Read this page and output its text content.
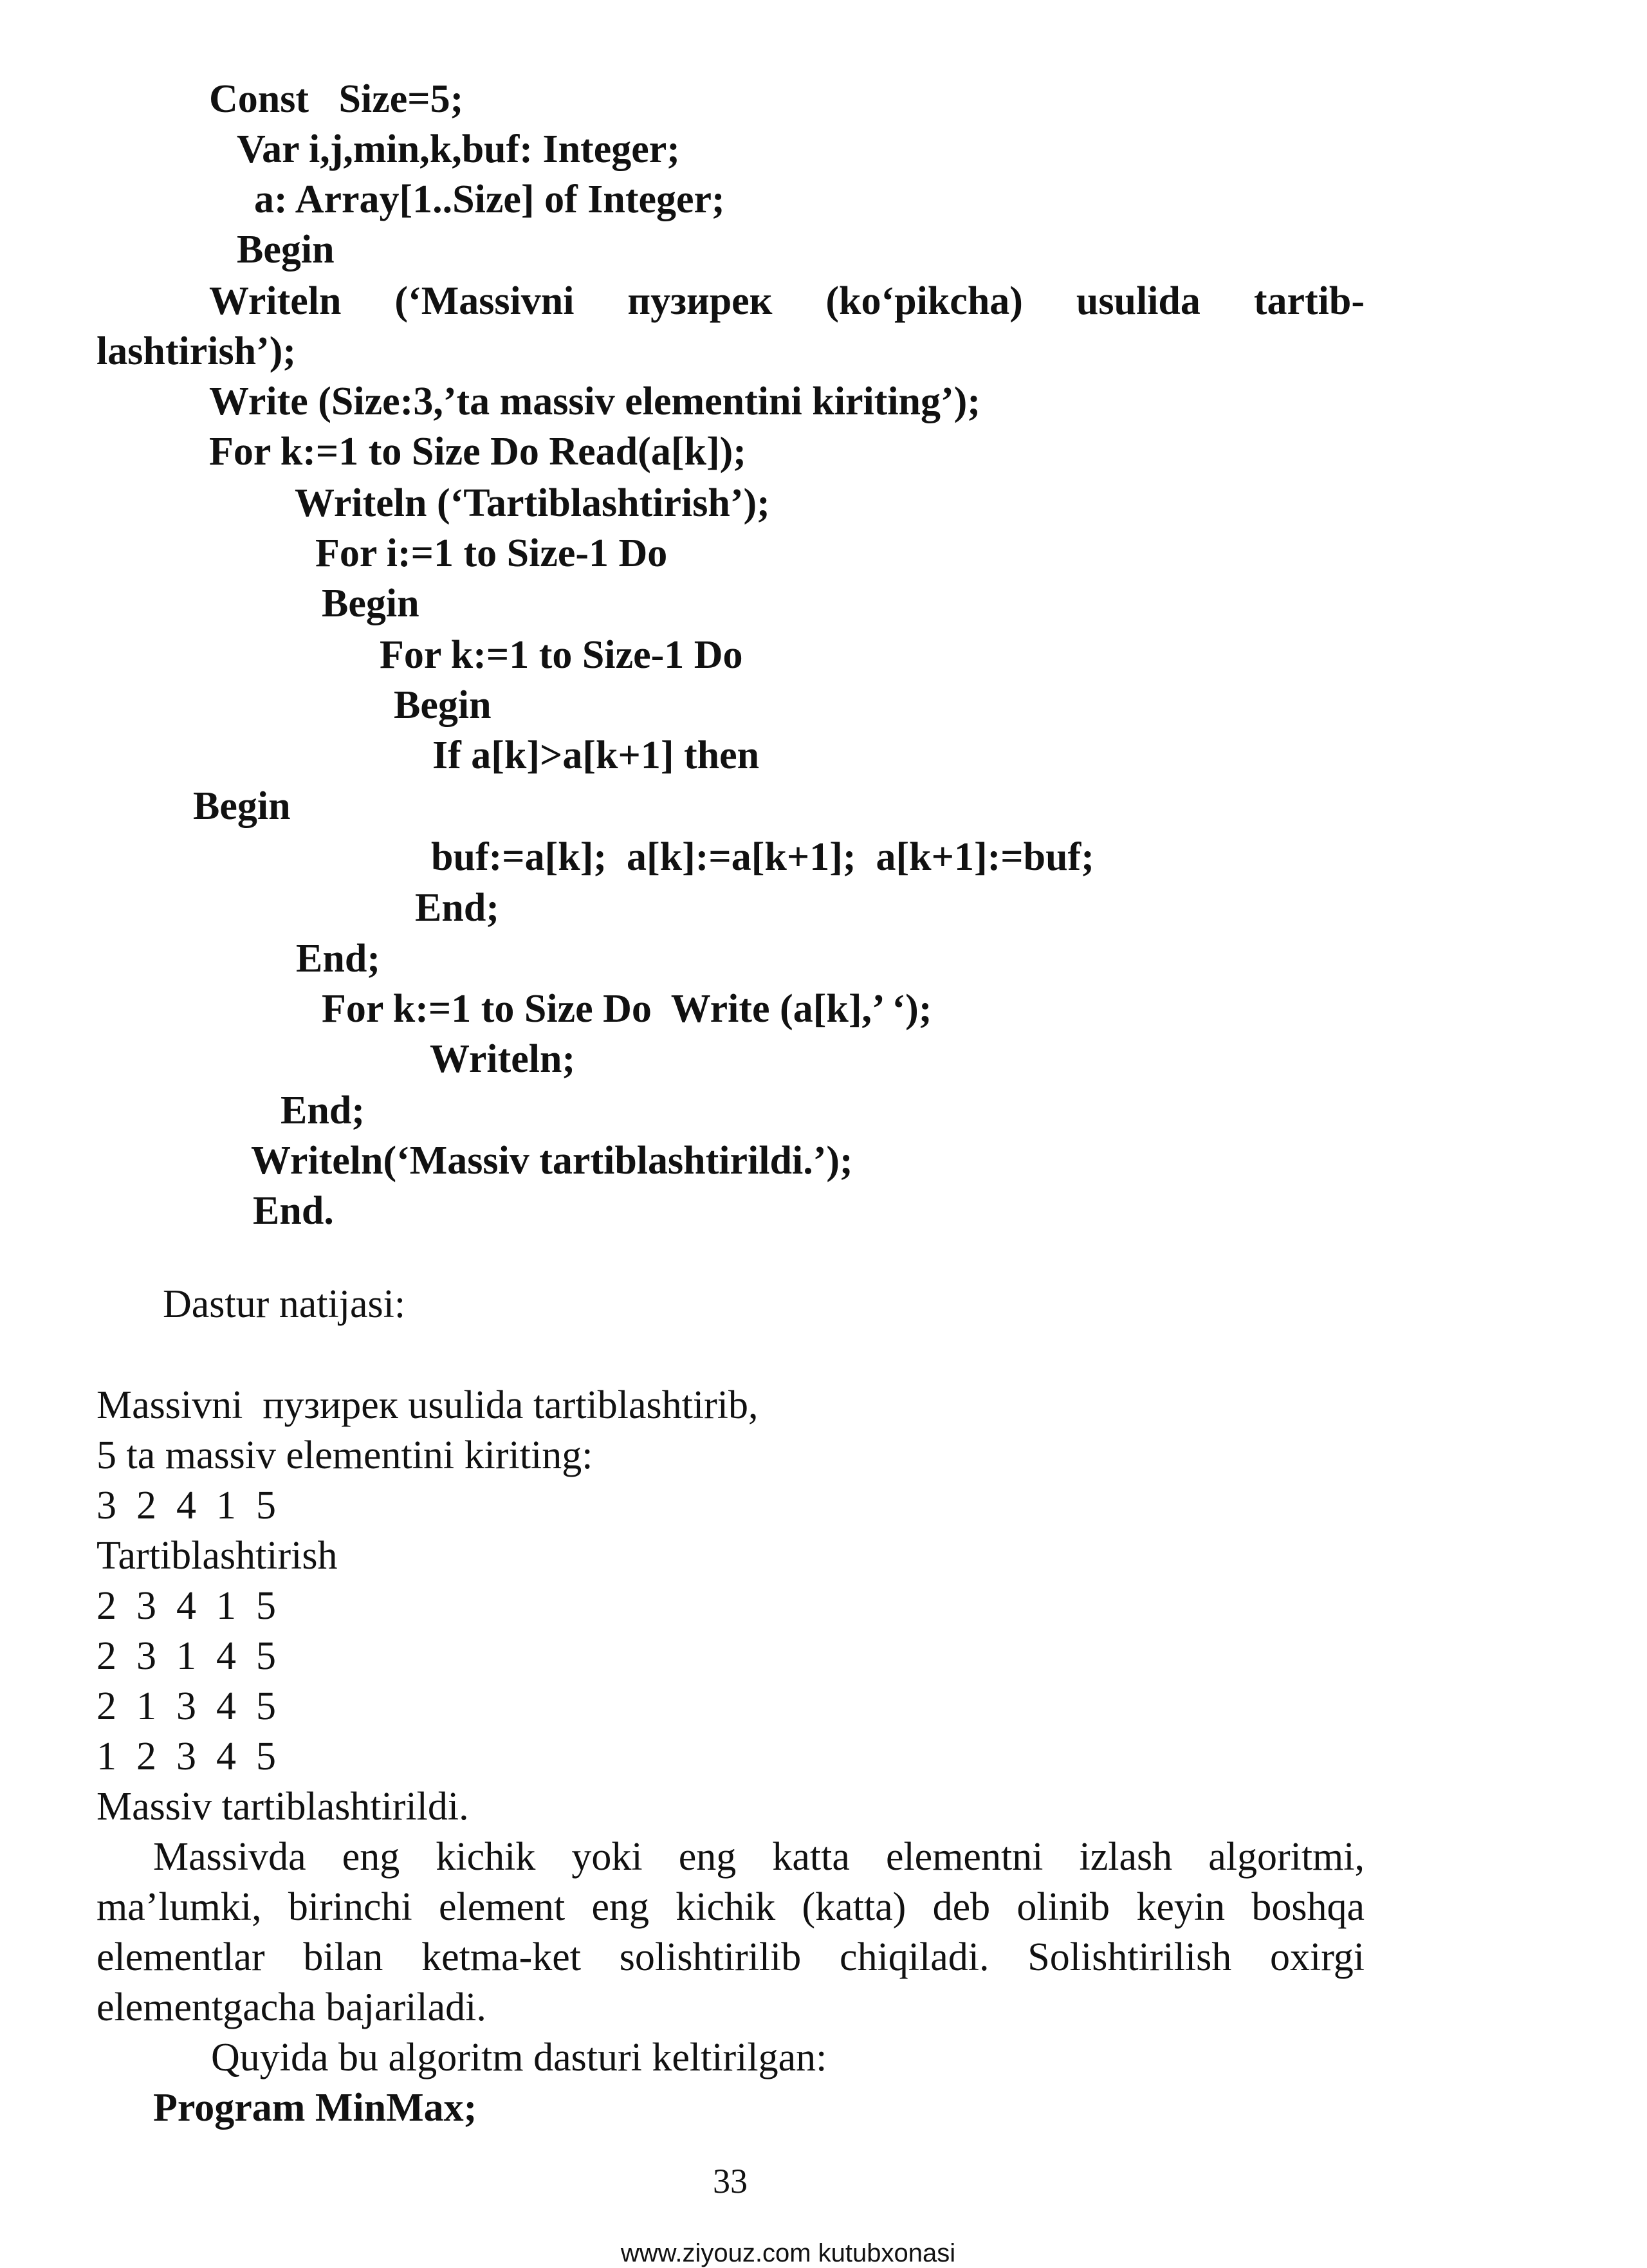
Const   Size=5;
Var i,j,min,k,buf: Integer;
a: Array[1..Size] of Integer;
Begin
Writeln (‘Massivni пузирек (ko‘pikcha) usulida tartib-
lashtirish’);
Write (Size:3,’ta massiv elementini kiriting’);
For k:=1 to Size Do Read(a[k]);
Writeln (‘Tartiblashtirish’);
For i:=1 to Size-1 Do
Begin
For k:=1 to Size-1 Do
Begin
If a[k]>a[k+1] then
Begin
buf:=a[k];  a[k]:=a[k+1];  a[k+1]:=buf;
End;
End;
For k:=1 to Size Do  Write (a[k],’ ‘);
Writeln;
End;
Writeln(‘Massiv tartiblashtirildi.’);
End.
Dastur natijasi:
Massivni  пузирек usulida tartiblashtirib,
5 ta massiv elementini kiriting:
3  2  4  1  5
Tartiblashtirish
2  3  4  1  5
2  3  1  4  5
2  1  3  4  5
1  2  3  4  5
Massiv tartiblashtirildi.
Massivda eng kichik yoki eng katta elementni izlash algoritmi,
ma’lumki, birinchi element eng kichik (katta) deb olinib keyin boshqa
elementlar bilan ketma-ket solishtirilib chiqiladi. Solishtirilish oxirgi
elementgacha bajariladi.
Quyida bu algoritm dasturi keltirilgan:
Program MinMax;
33
www.ziyouz.com kutubxonasi
